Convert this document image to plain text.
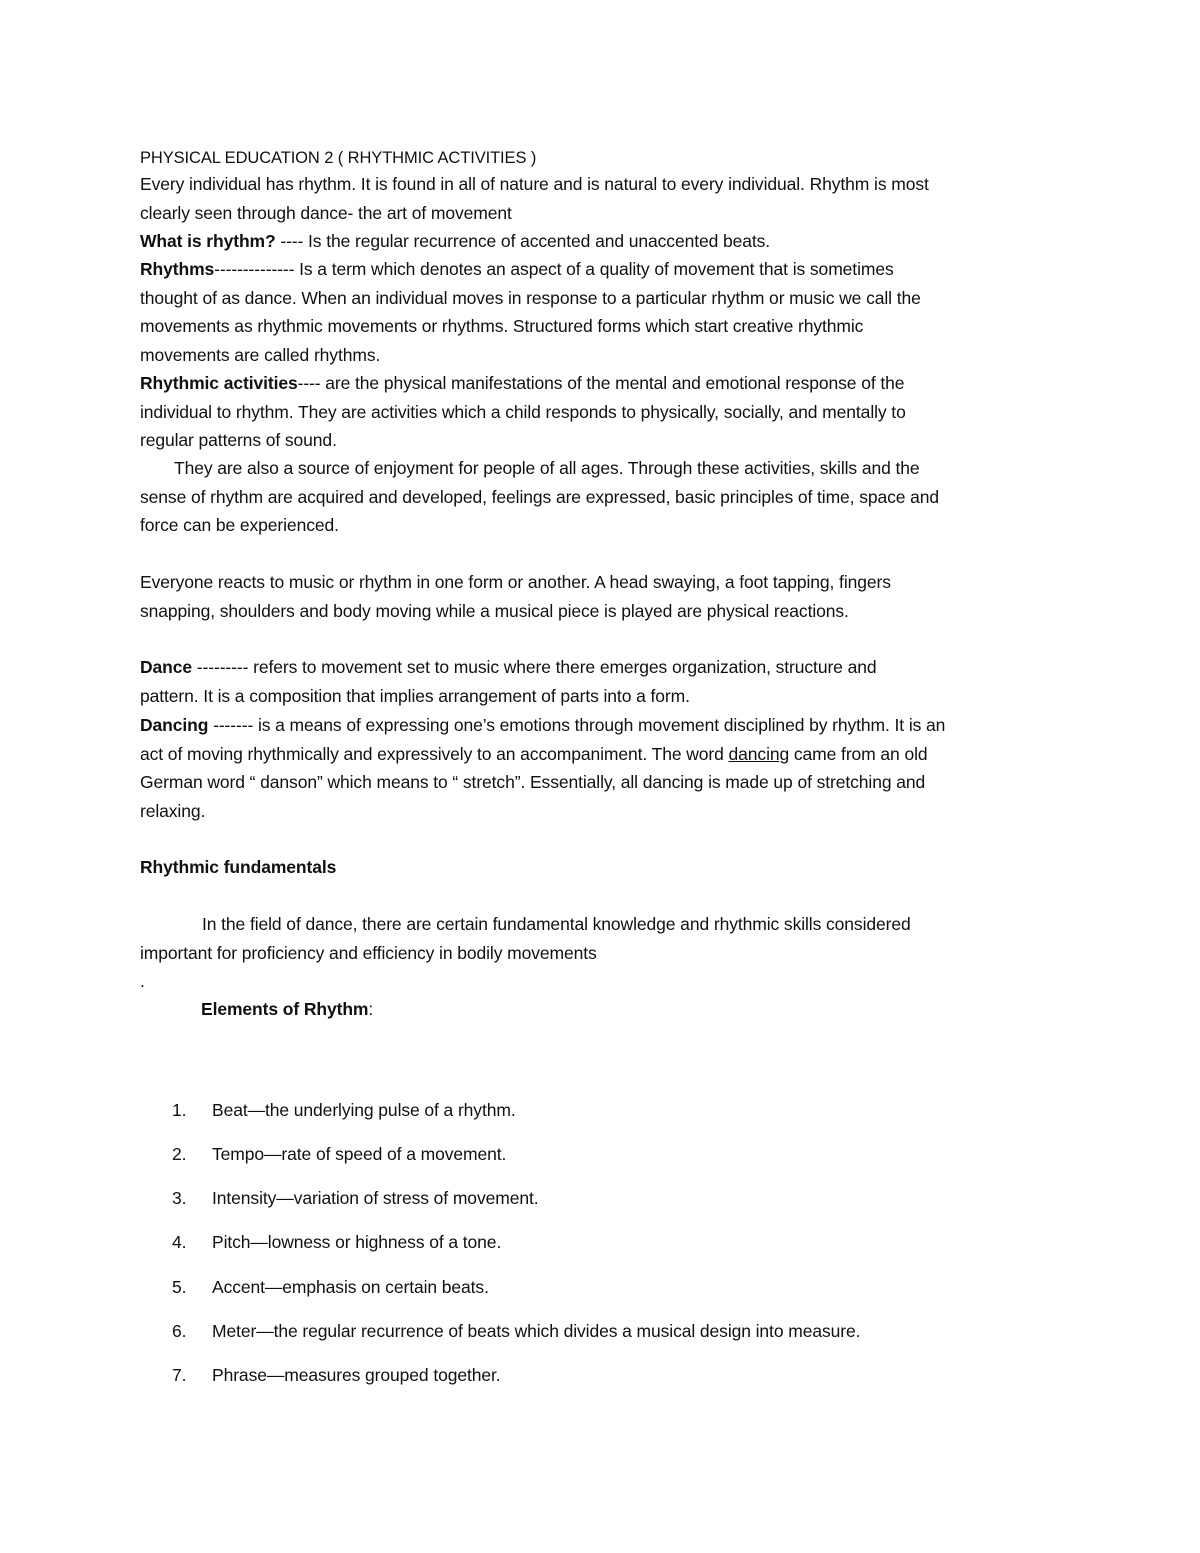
PHYSICAL EDUCATION 2 ( RHYTHMIC ACTIVITIES )
Every individual has rhythm. It is found in all of nature and is natural to every individual. Rhythm is most
clearly seen through dance- the art of movement
What is rhythm? ---- Is the regular recurrence of accented and unaccented beats.
Rhythms-------------- Is a term which denotes an aspect of a quality of movement that is sometimes
thought of as dance. When an individual moves in response to a particular rhythm or music we call the
movements as rhythmic movements or rhythms. Structured forms which start creative rhythmic
movements are called rhythms.
Rhythmic activities---- are the physical manifestations of the mental and emotional response of the
individual to rhythm. They are activities which a child responds to physically, socially, and mentally to
regular patterns of sound.
They are also a source of enjoyment for people of all ages. Through these activities, skills and the
sense of rhythm are acquired and developed, feelings are expressed, basic principles of time, space and
force can be experienced.
Everyone reacts to music or rhythm in one form or another. A head swaying, a foot tapping, fingers
snapping, shoulders and body moving while a musical piece is played are physical reactions.
Dance --------- refers to movement set to music where there emerges organization, structure and
pattern. It is a composition that implies arrangement of parts into a form.
Dancing ------- is a means of expressing one’s emotions through movement disciplined by rhythm. It is an
act of moving rhythmically and expressively to an accompaniment. The word dancing came from an old
German word “ danson” which means to “ stretch”. Essentially, all dancing is made up of stretching and
relaxing.
Rhythmic fundamentals
In the field of dance, there are certain fundamental knowledge and rhythmic skills considered
important for proficiency and efficiency in bodily movements
.
Elements of Rhythm:
1. Beat—the underlying pulse of a rhythm.
2. Tempo—rate of speed of a movement.
3. Intensity—variation of stress of movement.
4. Pitch—lowness or highness of a tone.
5. Accent—emphasis on certain beats.
6. Meter—the regular recurrence of beats which divides a musical design into measure.
7. Phrase—measures grouped together.
